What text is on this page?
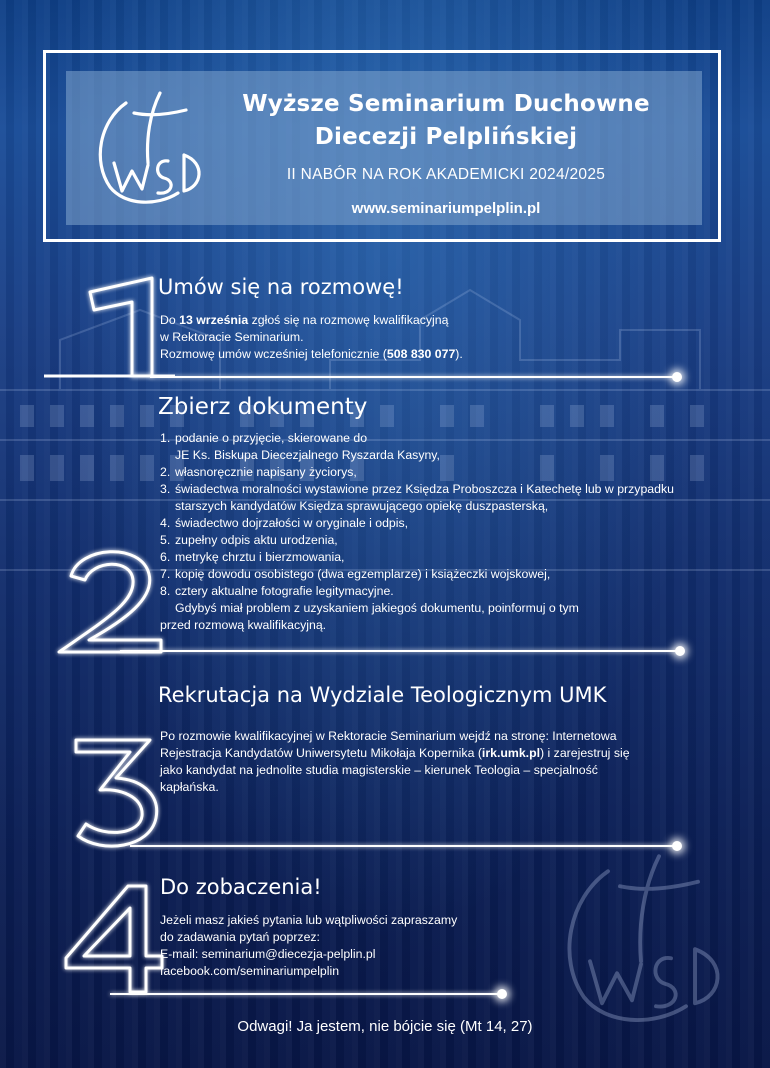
Wyższe Seminarium Duchowne
Diecezji Pelplińskiej
II NABÓR NA ROK AKADEMICKI 2024/2025
www.seminariumpelplin.pl
Umów się na rozmowę!
Do 13 września zgłoś się na rozmowę kwalifikacyjną
w Rektoracie Seminarium.
Rozmowę umów wcześniej telefonicznie (508 830 077).
Zbierz dokumenty
1. podanie o przyjęcie, skierowane do
JE Ks. Biskupa Diecezjalnego Ryszarda Kasyny,
2. własnoręcznie napisany życiorys,
3. świadectwa moralności wystawione przez Księdza Proboszcza i Katechetę lub w przypadku
starszych kandydatów Księdza sprawującego opiekę duszpasterską,
4. świadectwo dojrzałości w oryginale i odpis,
5. zupełny odpis aktu urodzenia,
6. metrykę chrztu i bierzmowania,
7. kopię dowodu osobistego (dwa egzemplarze) i książeczki wojskowej,
8. cztery aktualne fotografie legitymacyjne.
Gdybyś miał problem z uzyskaniem jakiegoś dokumentu, poinformuj o tym
przed rozmową kwalifikacyjną.
Rekrutacja na Wydziale Teologicznym UMK
Po rozmowie kwalifikacyjnej w Rektoracie Seminarium wejdź na stronę: Internetowa
Rejestracja Kandydatów Uniwersytetu Mikołaja Kopernika (irk.umk.pl) i zarejestruj się
jako kandydat na jednolite studia magisterskie – kierunek Teologia – specjalność
kapłańska.
Do zobaczenia!
Jeżeli masz jakieś pytania lub wątpliwości zapraszamy
do zadawania pytań poprzez:
E-mail: seminarium@diecezja-pelplin.pl
facebook.com/seminariumpelplin
Odwagi! Ja jestem, nie bójcie się (Mt 14, 27)
